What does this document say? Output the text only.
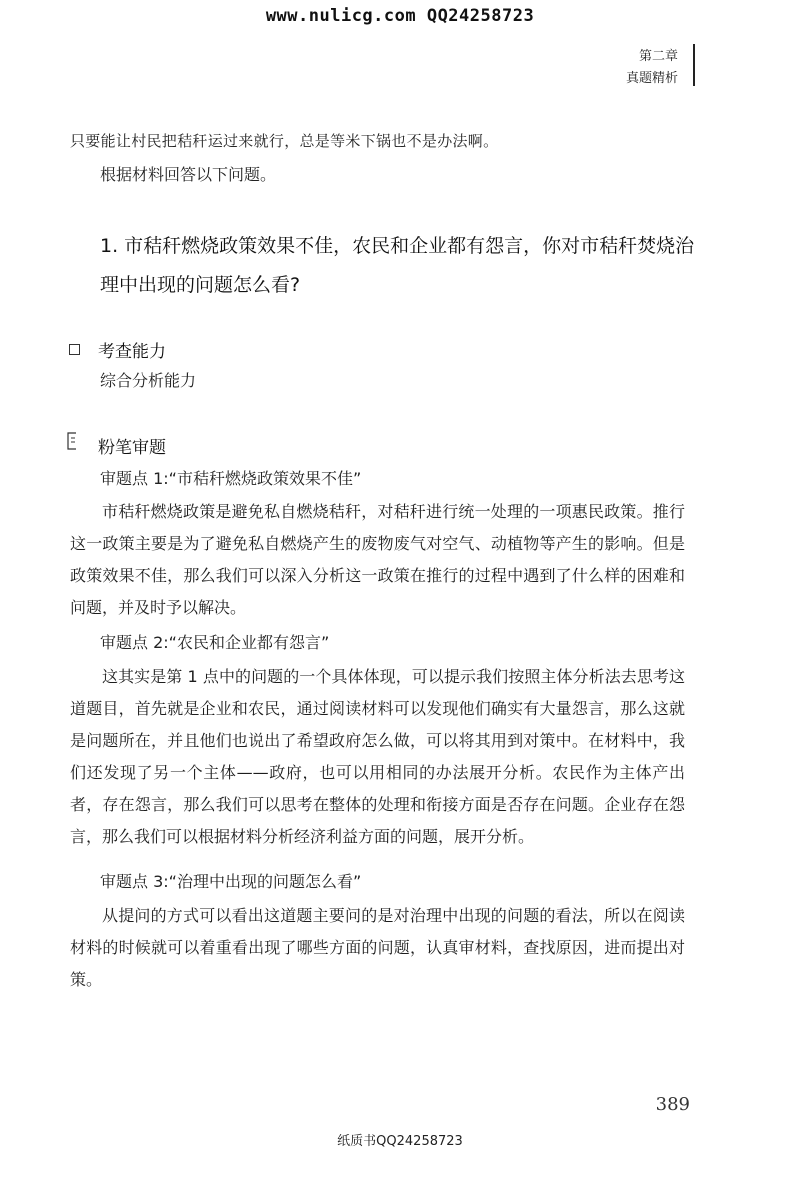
www.nulicg.com QQ24258723
第二章
真题精析
只要能让村民把秸秆运过来就行，总是等米下锅也不是办法啊。
根据材料回答以下问题。
1. 市秸秆燃烧政策效果不佳，农民和企业都有怨言，你对市秸秆焚烧治理中出现的问题怎么看?
考查能力
综合分析能力
粉笔审题
审题点 1:“市秸秆燃烧政策效果不佳”
市秸秆燃烧政策是避免私自燃烧秸秆，对秸秆进行统一处理的一项惠民政策。推行这一政策主要是为了避免私自燃烧产生的废物废气对空气、动植物等产生的影响。但是政策效果不佳，那么我们可以深入分析这一政策在推行的过程中遇到了什么样的困难和问题，并及时予以解决。
审题点 2:“农民和企业都有怨言”
这其实是第 1 点中的问题的一个具体体现，可以提示我们按照主体分析法去思考这道题目，首先就是企业和农民，通过阅读材料可以发现他们确实有大量怨言，那么这就是问题所在，并且他们也说出了希望政府怎么做，可以将其用到对策中。在材料中，我们还发现了另一个主体——政府，也可以用相同的办法展开分析。农民作为主体产出者，存在怨言，那么我们可以思考在整体的处理和衔接方面是否存在问题。企业存在怨言，那么我们可以根据材料分析经济利益方面的问题，展开分析。
审题点 3:“治理中出现的问题怎么看”
从提问的方式可以看出这道题主要问的是对治理中出现的问题的看法，所以在阅读材料的时候就可以着重看出现了哪些方面的问题，认真审材料，查找原因，进而提出对策。
389
纸质书QQ24258723
